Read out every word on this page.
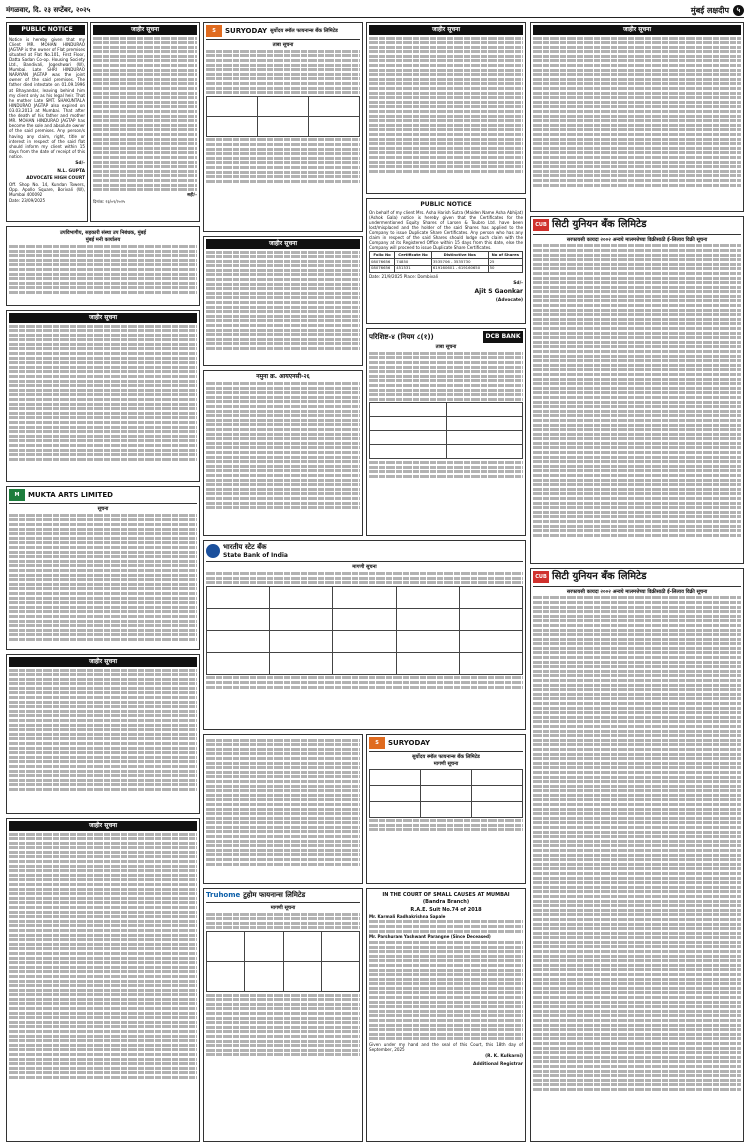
मंगळवार, दि. २३ सप्टेंबर, २०२५	मुंबई लक्षदीप	५
PUBLIC NOTICE

Notice is hereby given that my Client MR. MOHAN HINDURAO JAGTAP is the owner of Flat premises situated at Flat No.101, First Floor, Datta Sadan Co-op. Housing Society Ltd., Bandivali, Jogeshwari (W), Mumbai. Late SHRI HINDURAO NARAYAN JAGTAP was the joint owner of the said premises. The father died intestate on 01.09.1996 at Bhayandar, leaving behind him my client only as his legal heir. That he mother Late SMT. SHAKUNTALA HINDURAO JAGTAP also expired on 03.03.2013 at Mumbai. That after the death of his father and mother MR. MOHAN HINDURAO JAGTAP has become the sole and absolute owner of the said premises. Any person/s having any claim, right, title or interest in respect of the said flat should inform my client within 15 days from the date of receipt of this notice.

Sd/-
N.L. GUPTA
ADVOCATE HIGH COURT

Off. Shop No. 14, Kundan Towers, Opp. Apollo Square, Borivali (W), Mumbai 400092

Date: 23/09/2025

जाहीर सूचना
सही/-

दिनांक: २३/०९/२०२५

S	SURYODAY सुर्योदय स्मॉल फायनान्स बँक लिमिटेड
ताबा सूचना

जाहीर सूचना	जाहीर सूचना
PUBLIC NOTICE

On behalf of my client Mrs. Asha Harish Sutra (Maiden Name Asha Abhijat) (Ashok Gala) notice is hereby given that the Certificates for the undermentioned Equity Shares of Larsen & Toubro Ltd. have been lost/misplaced and the holder of the said Shares has applied to the Company to issue Duplicate Share Certificates. Any person who has any claim in respect of the said Shares should lodge such claim with the Company at its Registered Office within 15 days from this date, else the Company will proceed to issue Duplicate Share Certificates.

Folio No	Certificate No	Distinctive Nos	No of Shares
08076656	74850	3535706 - 3535730	25
08076656	451531	619160601 - 619160650	50

Date: 21/9/2025 Place: Dombivali

Sd/-
Ajit S Gaonkar
(Advocate)
परिशिष्ट-४ (नियम ८(१))	DCB BANK
ताबा सूचना

CUB सिटी युनियन बँक लिमिटेड
सरफायसी कायदा २००२ अन्वये मालमत्तेच्या विक्रीसाठी ई-लिलाव विक्री सूचना
CUB सिटी युनियन बँक लिमिटेड
सरफायसी कायदा २००२ अन्वये मालमत्तेच्या विक्रीसाठी ई-लिलाव विक्री सूचना
उपविभागीय, सहकारी संस्था उप निबंधक, मुंबई
मुंबई मनी कार्यालय
जाहीर सूचना
जाहीर सूचना
नमुना क्र. आयएनसी-२६
M	MUKTA ARTS LIMITED
सूचना
भारतीय स्टेट बँक
State Bank of India
मागणी सूचना

जाहीर सूचना
जाहीर सूचना
S	SURYODAY
सुर्योदय स्मॉल फायनान्स बँक लिमिटेड
मागणी सूचना

Truhome टुहोम फायनान्स लिमिटेड
मागणी सूचना

IN THE COURT OF SMALL CAUSES AT MUMBAI
(Bandra Branch)
R.A.E. Suit No.74 of 2018

Mr. Karmali Radhakrishna Sapale

Mr. Parshuram Yashwant Parangne (Since Deceased)

Given under my hand and the seal of this Court, this 18th day of September, 2025

(R. K. Kulkarni)
Additional Registrar
